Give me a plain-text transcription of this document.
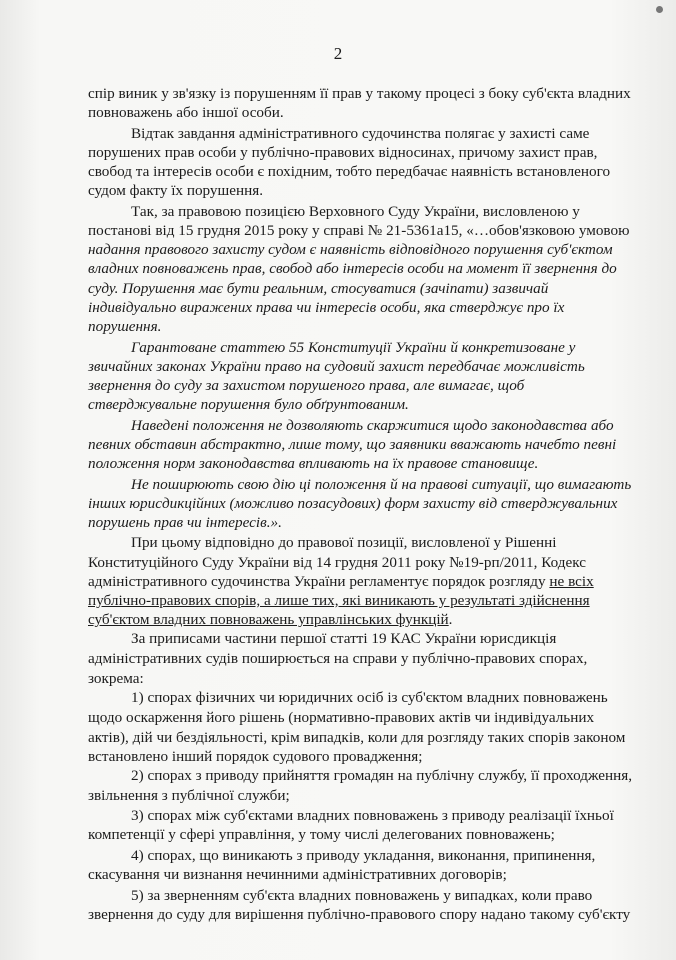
2
спір виник у зв'язку із порушенням її прав у такому процесі з боку суб'єкта владних
повноважень або іншої особи.
Відтак завдання адміністративного судочинства полягає у захисті саме
порушених прав особи у публічно-правових відносинах, причому захист прав,
свобод та інтересів особи є похідним, тобто передбачає наявність встановленого
судом факту їх порушення.
Так, за правовою позицією Верховного Суду України, висловленою у
постанові від 15 грудня 2015 року у справі № 21-5361а15, «…обов'язковою умовою
надання правового захисту судом є наявність відповідного порушення суб'єктом
владних повноважень прав, свобод або інтересів особи на момент її звернення до
суду. Порушення має бути реальним, стосуватися (зачіпати) зазвичай
індивідуально виражених права чи інтересів особи, яка стверджує про їх
порушення.
Гарантоване статтею 55 Конституції України й конкретизоване у
звичайних законах України право на судовий захист передбачає можливість
звернення до суду за захистом порушеного права, але вимагає, щоб
стверджувальне порушення було обґрунтованим.
Наведені положення не дозволяють скаржитися щодо законодавства або
певних обставин абстрактно, лише тому, що заявники вважають начебто певні
положення норм законодавства впливають на їх правове становище.
Не поширюють свою дію ці положення й на правові ситуації, що вимагають
інших юрисдикційних (можливо позасудових) форм захисту від стверджувальних
порушень прав чи інтересів.».
При цьому відповідно до правової позиції, висловленої у Рішенні
Конституційного Суду України від 14 грудня 2011 року №19-рп/2011, Кодекс
адміністративного судочинства України регламентує порядок розгляду не всіх
публічно-правових спорів, а лише тих, які виникають у результаті здійснення
суб'єктом владних повноважень управлінських функцій.
За приписами частини першої статті 19 КАС України юрисдикція
адміністративних судів поширюється на справи у публічно-правових спорах,
зокрема:
1) спорах фізичних чи юридичних осіб із суб'єктом владних повноважень
щодо оскарження його рішень (нормативно-правових актів чи індивідуальних
актів), дій чи бездіяльності, крім випадків, коли для розгляду таких спорів законом
встановлено інший порядок судового провадження;
2) спорах з приводу прийняття громадян на публічну службу, її проходження,
звільнення з публічної служби;
3) спорах між суб'єктами владних повноважень з приводу реалізації їхньої
компетенції у сфері управління, у тому числі делегованих повноважень;
4) спорах, що виникають з приводу укладання, виконання, припинення,
скасування чи визнання нечинними адміністративних договорів;
5) за зверненням суб'єкта владних повноважень у випадках, коли право
звернення до суду для вирішення публічно-правового спору надано такому суб'єкту
